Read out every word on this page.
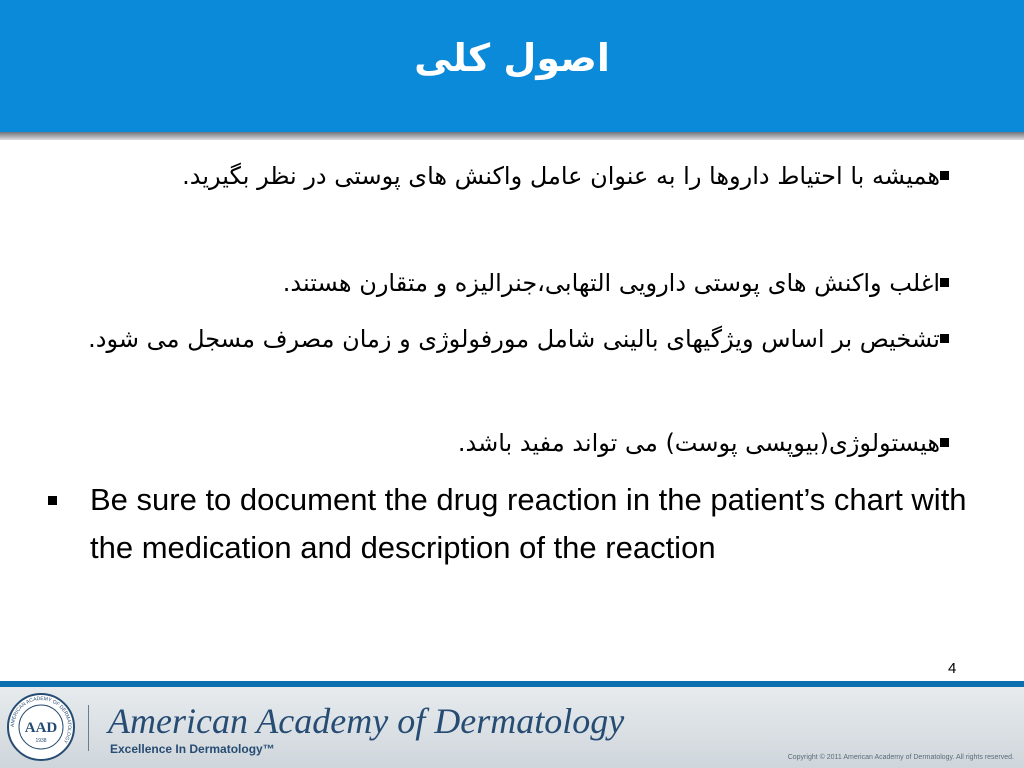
اصول کلی
همیشه با احتیاط داروها را به عنوان عامل واکنش های پوستی در نظر بگیرید.
اغلب واکنش های پوستی دارویی التهابی،جنرالیزه و متقارن هستند.
تشخیص بر اساس ویژگیهای بالینی شامل مورفولوژی و زمان مصرف مسجل می شود.
هیستولوژی(بیوپسی پوست) می تواند مفید باشد.
Be sure to document the drug reaction in the patient’s chart with the medication and description of the reaction
4
AMERICAN ACADEMY OF DERMATOLOGY
AAD
1938 American Academy of Dermatology
Excellence In Dermatology™
Copyright © 2011 American Academy of Dermatology. All rights reserved.
